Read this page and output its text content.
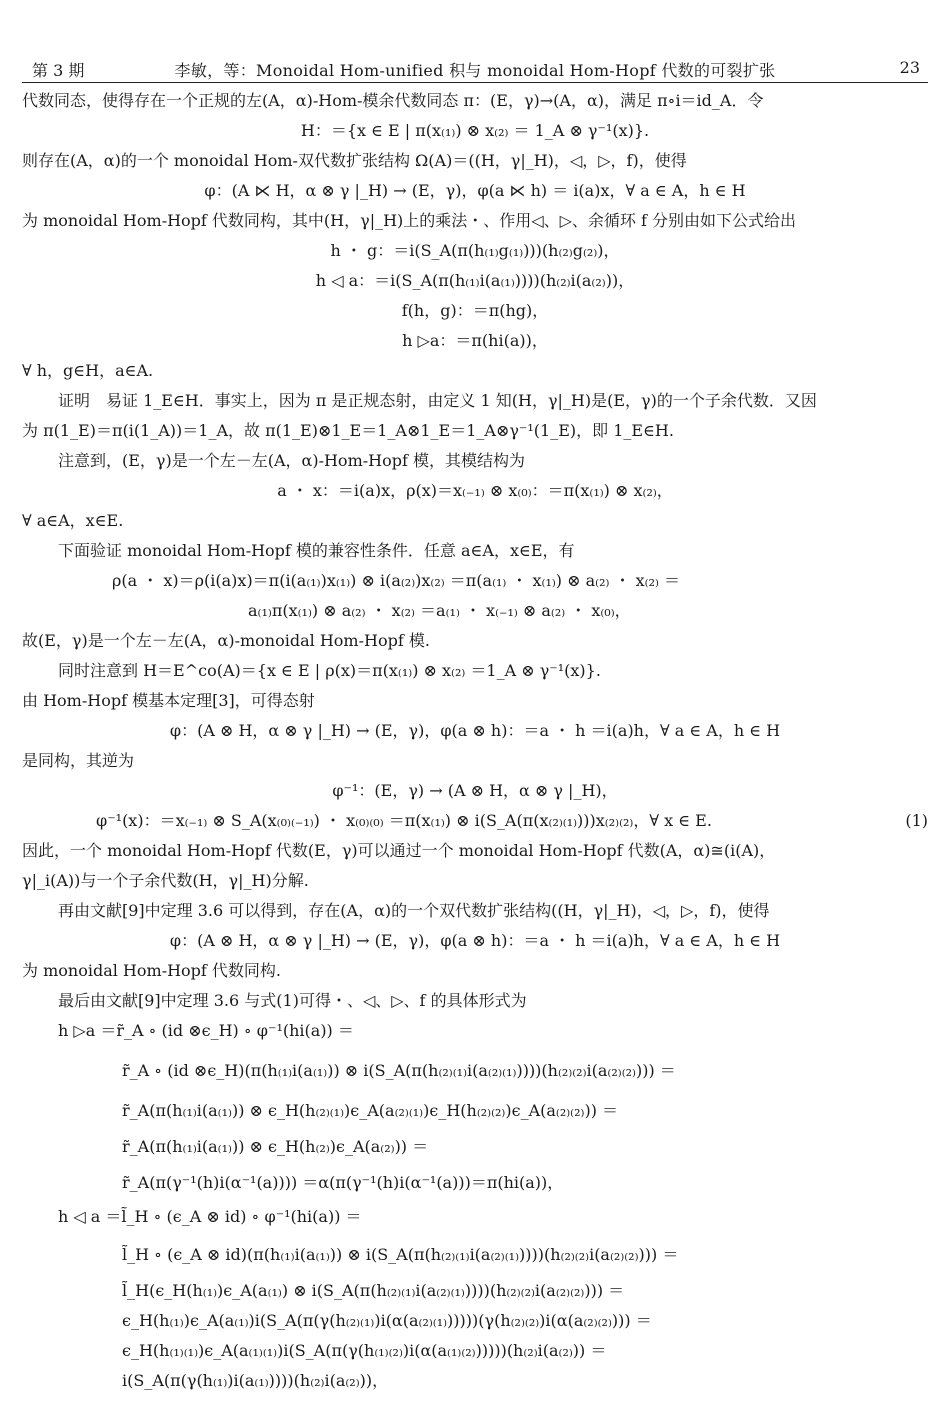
第 3 期	李敏，等：Monoidal Hom-unified 积与 monoidal Hom-Hopf 代数的可裂扩张	23
代数同态，使得存在一个正规的左(A，α)-Hom-模余代数同态 π：(E，γ)→(A，α)，满足 π∘i＝id_A．令
H：＝{x ∈ E | π(x₍₁₎) ⊗ x₍₂₎ ＝ 1_A ⊗ γ⁻¹(x)}.
则存在(A，α)的一个 monoidal Hom-双代数扩张结构 Ω(A)＝((H，γ|_H)，◁，▷，f)，使得
φ：(A ⋉ H，α ⊗ γ |_H) → (E，γ)，φ(a ⋉ h) ＝ i(a)x，∀ a ∈ A，h ∈ H
为 monoidal Hom-Hopf 代数同构，其中(H，γ|_H)上的乘法・、作用◁、▷、余循环 f 分别由如下公式给出
h ・ g：＝i(S_A(π(h₍₁₎g₍₁₎)))(h₍₂₎g₍₂₎)，
h ◁ a：＝i(S_A(π(h₍₁₎i(a₍₁₎))))(h₍₂₎i(a₍₂₎))，
f(h，g)：＝π(hg)，
h ▷a：＝π(hi(a))，
∀ h，g∈H，a∈A.
证明　易证 1_E∈H．事实上，因为 π 是正规态射，由定义 1 知(H，γ|_H)是(E，γ)的一个子余代数．又因
为 π(1_E)＝π(i(1_A))＝1_A，故 π(1_E)⊗1_E＝1_A⊗1_E＝1_A⊗γ⁻¹(1_E)，即 1_E∈H.
注意到，(E，γ)是一个左－左(A，α)-Hom-Hopf 模，其模结构为
a ・ x：＝i(a)x，ρ(x)＝x₍₋₁₎ ⊗ x₍₀₎：＝π(x₍₁₎) ⊗ x₍₂₎，
∀ a∈A，x∈E.
下面验证 monoidal Hom-Hopf 模的兼容性条件．任意 a∈A，x∈E，有
ρ(a ・ x)＝ρ(i(a)x)＝π(i(a₍₁₎)x₍₁₎) ⊗ i(a₍₂₎)x₍₂₎ ＝π(a₍₁₎ ・ x₍₁₎) ⊗ a₍₂₎ ・ x₍₂₎ ＝
a₍₁₎π(x₍₁₎) ⊗ a₍₂₎ ・ x₍₂₎ ＝a₍₁₎ ・ x₍₋₁₎ ⊗ a₍₂₎ ・ x₍₀₎，
故(E，γ)是一个左－左(A，α)-monoidal Hom-Hopf 模.
同时注意到 H＝E^co(A)＝{x ∈ E | ρ(x)＝π(x₍₁₎) ⊗ x₍₂₎ ＝1_A ⊗ γ⁻¹(x)}.
由 Hom-Hopf 模基本定理[3]，可得态射
φ：(A ⊗ H，α ⊗ γ |_H) → (E，γ)，φ(a ⊗ h)：＝a ・ h ＝i(a)h，∀ a ∈ A，h ∈ H
是同构，其逆为
φ⁻¹：(E，γ) → (A ⊗ H，α ⊗ γ |_H)，
φ⁻¹(x)：＝x₍₋₁₎ ⊗ S_A(x₍₀₎₍₋₁₎) ・ x₍₀₎₍₀₎ ＝π(x₍₁₎) ⊗ i(S_A(π(x₍₂₎₍₁₎)))x₍₂₎₍₂₎，∀ x ∈ E.
因此，一个 monoidal Hom-Hopf 代数(E，γ)可以通过一个 monoidal Hom-Hopf 代数(A，α)≅(i(A)，
γ|_i(A))与一个子余代数(H，γ|_H)分解.
再由文献[9]中定理 3.6 可以得到，存在(A，α)的一个双代数扩张结构((H，γ|_H)，◁，▷，f)，使得
φ：(A ⊗ H，α ⊗ γ |_H) → (E，γ)，φ(a ⊗ h)：＝a ・ h ＝i(a)h，∀ a ∈ A，h ∈ H
为 monoidal Hom-Hopf 代数同构.
最后由文献[9]中定理 3.6 与式(1)可得・、◁、▷、f 的具体形式为
h ▷a ＝r̃_A ∘ (id ⊗ϵ_H) ∘ φ⁻¹(hi(a)) ＝
r̃_A ∘ (id ⊗ϵ_H)(π(h₍₁₎i(a₍₁₎)) ⊗ i(S_A(π(h₍₂₎₍₁₎i(a₍₂₎₍₁₎))))(h₍₂₎₍₂₎i(a₍₂₎₍₂₎))) ＝
r̃_A(π(h₍₁₎i(a₍₁₎)) ⊗ ϵ_H(h₍₂₎₍₁₎)ϵ_A(a₍₂₎₍₁₎)ϵ_H(h₍₂₎₍₂₎)ϵ_A(a₍₂₎₍₂₎)) ＝
r̃_A(π(h₍₁₎i(a₍₁₎)) ⊗ ϵ_H(h₍₂₎)ϵ_A(a₍₂₎)) ＝
r̃_A(π(γ⁻¹(h)i(α⁻¹(a)))) ＝α(π(γ⁻¹(h)i(α⁻¹(a)))＝π(hi(a))，
h ◁ a ＝l̃_H ∘ (ϵ_A ⊗ id) ∘ φ⁻¹(hi(a)) ＝
l̃_H ∘ (ϵ_A ⊗ id)(π(h₍₁₎i(a₍₁₎)) ⊗ i(S_A(π(h₍₂₎₍₁₎i(a₍₂₎₍₁₎))))(h₍₂₎₍₂₎i(a₍₂₎₍₂₎))) ＝
l̃_H(ϵ_H(h₍₁₎)ϵ_A(a₍₁₎) ⊗ i(S_A(π(h₍₂₎₍₁₎i(a₍₂₎₍₁₎))))(h₍₂₎₍₂₎i(a₍₂₎₍₂₎))) ＝
ϵ_H(h₍₁₎)ϵ_A(a₍₁₎)i(S_A(π(γ(h₍₂₎₍₁₎)i(α(a₍₂₎₍₁₎)))))(γ(h₍₂₎₍₂₎)i(α(a₍₂₎₍₂₎))) ＝
ϵ_H(h₍₁₎₍₁₎)ϵ_A(a₍₁₎₍₁₎)i(S_A(π(γ(h₍₁₎₍₂₎)i(α(a₍₁₎₍₂₎)))))(h₍₂₎i(a₍₂₎)) ＝
i(S_A(π(γ(h₍₁₎)i(a₍₁₎))))(h₍₂₎i(a₍₂₎))，
(1)
